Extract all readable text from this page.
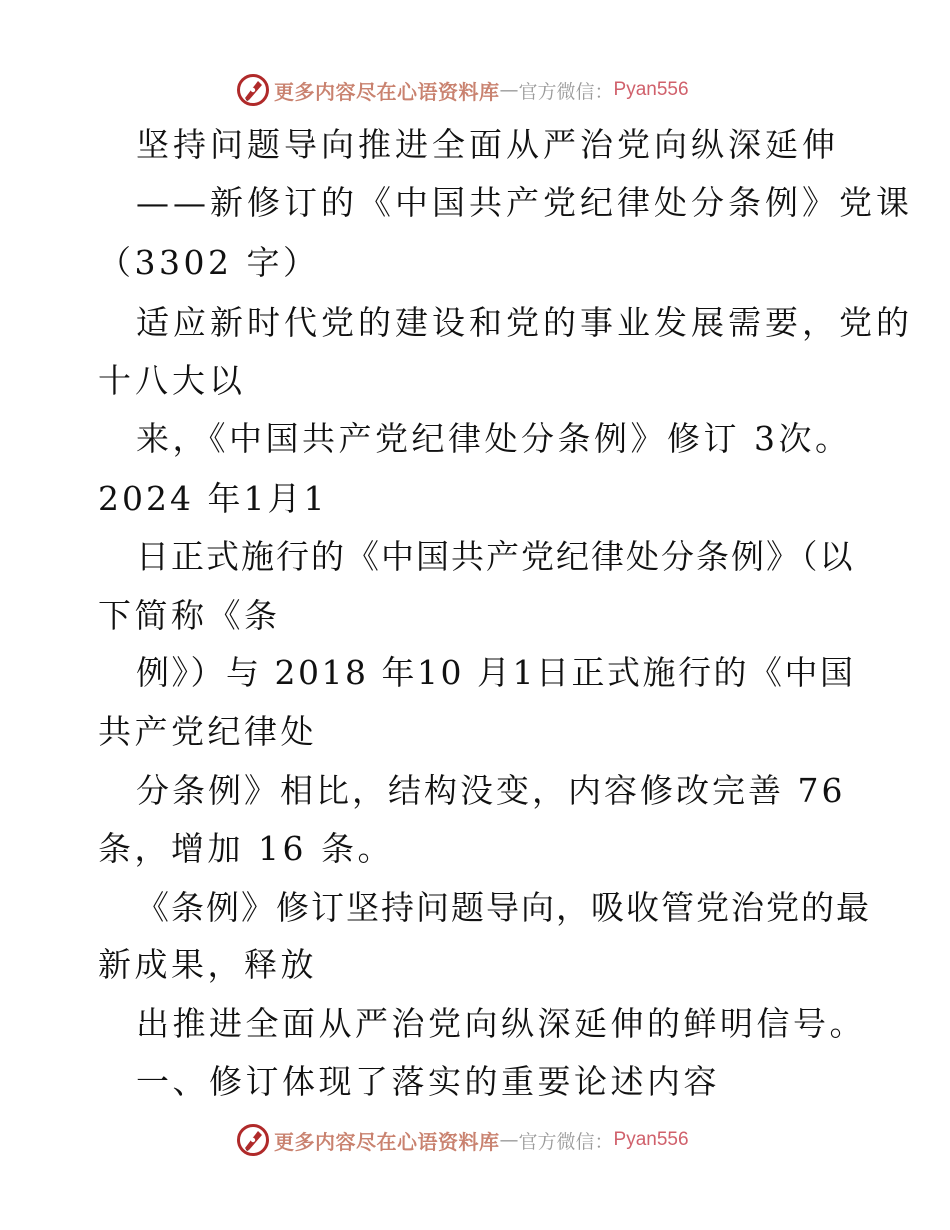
更多内容尽在心语资料库 — 官方微信： Pyan556
坚持问题导向推进全面从严治党向纵深延伸
——新修订的《中国共产党纪律处分条例》党课
（3302 字）
适应新时代党的建设和党的事业发展需要，党的
十八大以
来，《中国共产党纪律处分条例》修订 3次。
2024 年1月1
日正式施行的《中国共产党纪律处分条例》（以
下简称《条
例》）与 2018 年10 月1日正式施行的《中国
共产党纪律处
分条例》相比，结构没变，内容修改完善 76
条，增加 16 条。
《条例》修订坚持问题导向，吸收管党治党的最
新成果，释放
出推进全面从严治党向纵深延伸的鲜明信号。
一、修订体现了落实的重要论述内容
更多内容尽在心语资料库 — 官方微信： Pyan556
